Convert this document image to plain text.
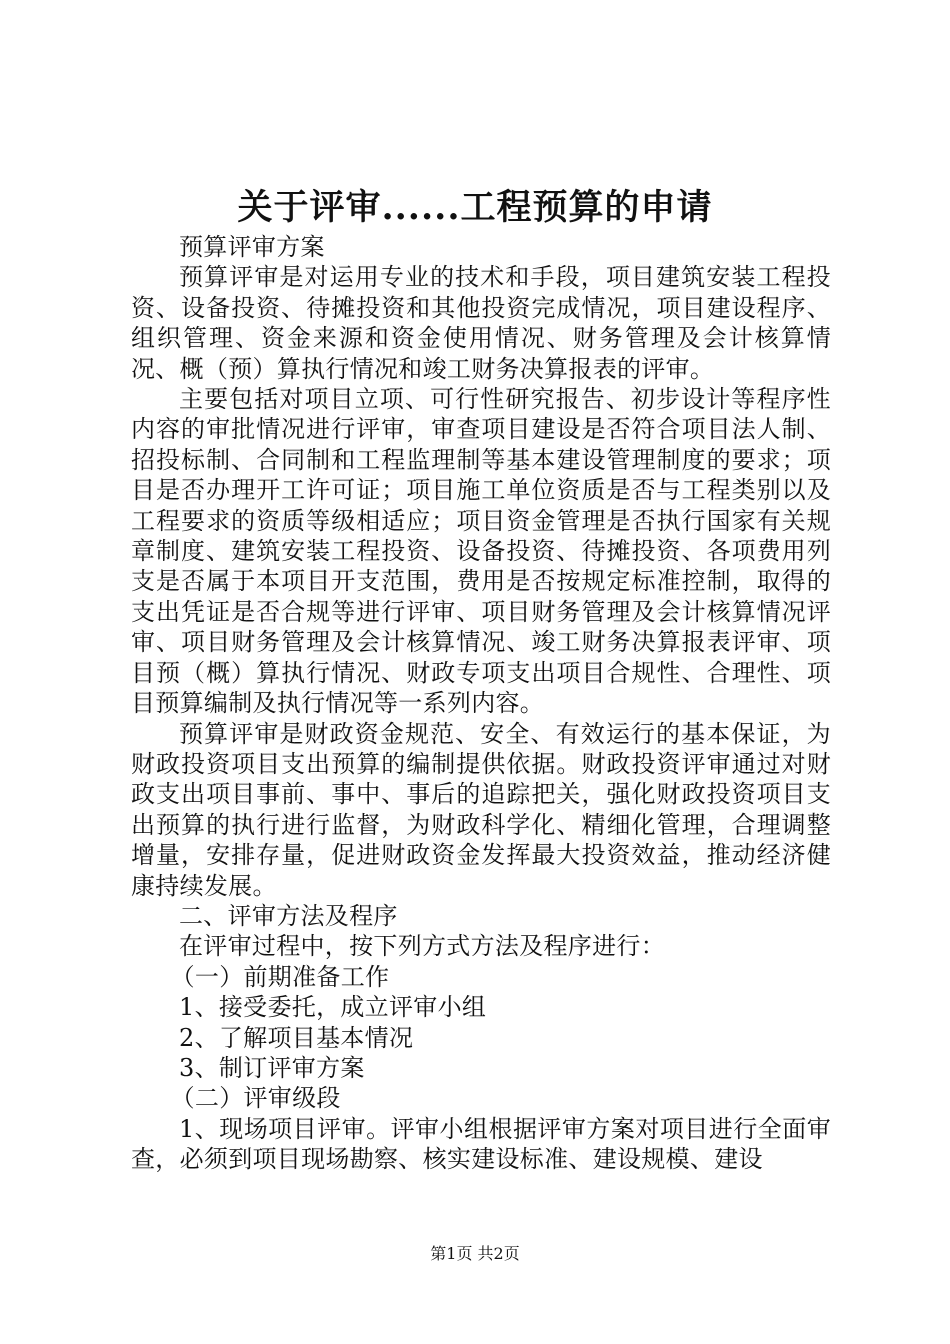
关于评审......工程预算的申请

预算评审方案

预算评审是对运用专业的技术和手段，项目建筑安装工程投资、设备投资、待摊投资和其他投资完成情况，项目建设程序、组织管理、资金来源和资金使用情况、财务管理及会计核算情况、概（预）算执行情况和竣工财务决算报表的评审。

主要包括对项目立项、可行性研究报告、初步设计等程序性内容的审批情况进行评审，审查项目建设是否符合项目法人制、招投标制、合同制和工程监理制等基本建设管理制度的要求；项目是否办理开工许可证；项目施工单位资质是否与工程类别以及工程要求的资质等级相适应；项目资金管理是否执行国家有关规章制度、建筑安装工程投资、设备投资、待摊投资、各项费用列支是否属于本项目开支范围，费用是否按规定标准控制，取得的支出凭证是否合规等进行评审、项目财务管理及会计核算情况评审、项目财务管理及会计核算情况、竣工财务决算报表评审、项目预（概）算执行情况、财政专项支出项目合规性、合理性、项目预算编制及执行情况等一系列内容。

预算评审是财政资金规范、安全、有效运行的基本保证，为财政投资项目支出预算的编制提供依据。财政投资评审通过对财政支出项目事前、事中、事后的追踪把关，强化财政投资项目支出预算的执行进行监督，为财政科学化、精细化管理，合理调整增量，安排存量，促进财政资金发挥最大投资效益，推动经济健康持续发展。

二、评审方法及程序

在评审过程中，按下列方式方法及程序进行：

（一）前期准备工作

1、接受委托，成立评审小组

2、了解项目基本情况

3、制订评审方案

（二）评审级段

1、现场项目评审。评审小组根据评审方案对项目进行全面审查，必须到项目现场勘察、核实建设标准、建设规模、建设

第1页 共2页
